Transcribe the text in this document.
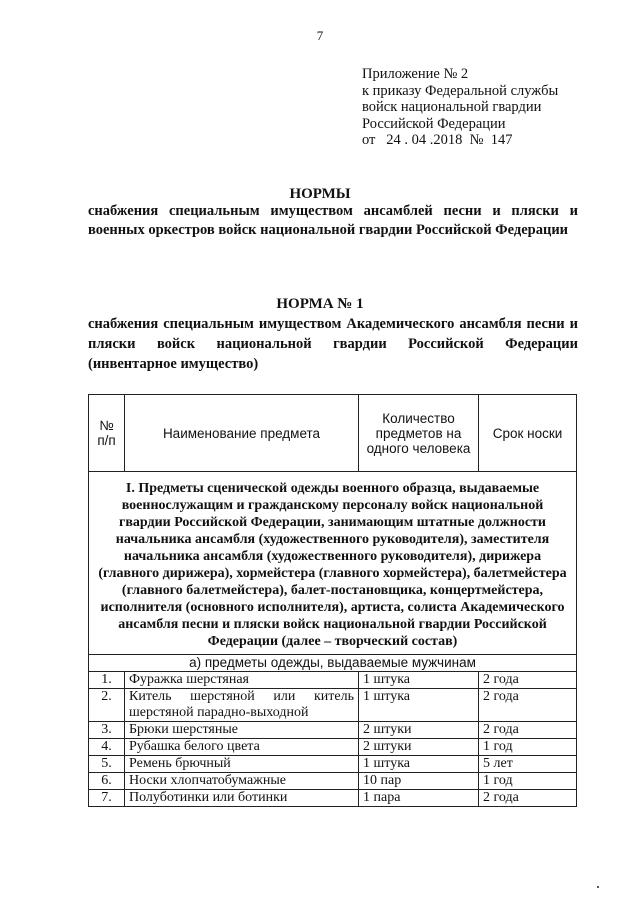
7
Приложение № 2
к приказу Федеральной службы
войск национальной гвардии
Российской Федерации
от   24 . 04 .2018  №  147
НОРМЫ
снабжения специальным имуществом ансамблей песни и пляски и военных оркестров войск национальной гвардии Российской Федерации
НОРМА № 1
снабжения специальным имуществом Академического ансамбля песни и пляски войск национальной гвардии Российской Федерации (инвентарное имущество)
№ п/п	Наименование предмета	Количество предметов на одного человека	Срок носки
I. Предметы сценической одежды военного образца, выдаваемые военнослужащим и гражданскому персоналу войск национальной гвардии Российской Федерации, занимающим штатные должности начальника ансамбля (художественного руководителя), заместителя начальника ансамбля (художественного руководителя), дирижера (главного дирижера), хормейстера (главного хормейстера), балетмейстера (главного балетмейстера), балет-постановщика, концертмейстера, исполнителя (основного исполнителя), артиста, солиста Академического ансамбля песни и пляски войск национальной гвардии Российской Федерации (далее – творческий состав)			
а) предметы одежды, выдаваемые мужчинам			
1.	Фуражка шерстяная	1 штука	2 года
2.	Китель шерстяной или китель шерстяной парадно-выходной	1 штука	2 года
3.	Брюки шерстяные	2 штуки	2 года
4.	Рубашка белого цвета	2 штуки	1 год
5.	Ремень брючный	1 штука	5 лет
6.	Носки хлопчатобумажные	10 пар	1 год
7.	Полуботинки или ботинки	1 пара	2 года
